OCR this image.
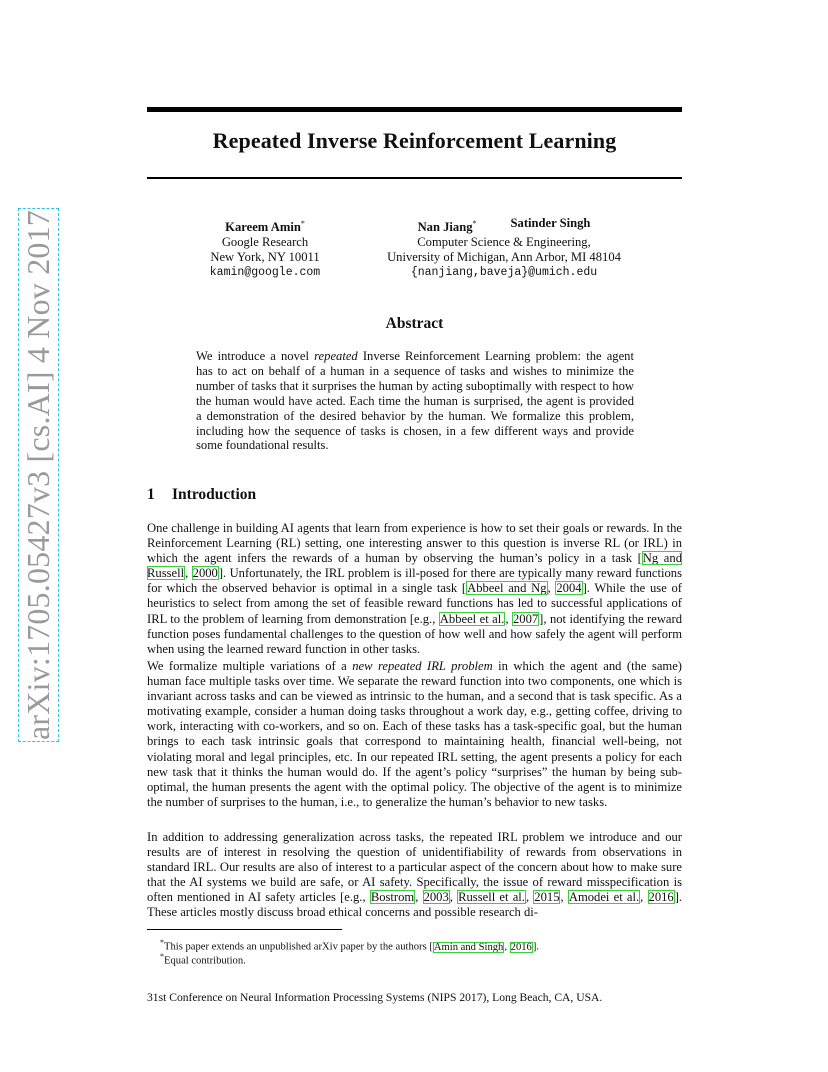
arXiv:1705.05427v3 [cs.AI] 4 Nov 2017
Repeated Inverse Reinforcement Learning
Kareem Amin*
Google Research
New York, NY 10011
kamin@google.com
Nan Jiang*	Satinder Singh
Computer Science & Engineering,
University of Michigan, Ann Arbor, MI 48104
{nanjiang,baveja}@umich.edu
Abstract

We introduce a novel repeated Inverse Reinforcement Learning problem: the agent has to act on behalf of a human in a sequence of tasks and wishes to minimize the number of tasks that it surprises the human by acting suboptimally with respect to how the human would have acted. Each time the human is surprised, the agent is provided a demonstration of the desired behavior by the human. We formalize this problem, including how the sequence of tasks is chosen, in a few different ways and provide some foundational results.

1 Introduction

One challenge in building AI agents that learn from experience is how to set their goals or rewards. In the Reinforcement Learning (RL) setting, one interesting answer to this question is inverse RL (or IRL) in which the agent infers the rewards of a human by observing the human’s policy in a task [Ng and Russell, 2000]. Unfortunately, the IRL problem is ill-posed for there are typically many reward functions for which the observed behavior is optimal in a single task [Abbeel and Ng, 2004]. While the use of heuristics to select from among the set of feasible reward functions has led to successful applications of IRL to the problem of learning from demonstration [e.g., Abbeel et al., 2007], not identifying the reward function poses fundamental challenges to the question of how well and how safely the agent will perform when using the learned reward function in other tasks.

We formalize multiple variations of a new repeated IRL problem in which the agent and (the same) human face multiple tasks over time. We separate the reward function into two components, one which is invariant across tasks and can be viewed as intrinsic to the human, and a second that is task specific. As a motivating example, consider a human doing tasks throughout a work day, e.g., getting coffee, driving to work, interacting with co-workers, and so on. Each of these tasks has a task-specific goal, but the human brings to each task intrinsic goals that correspond to maintaining health, financial well-being, not violating moral and legal principles, etc. In our repeated IRL setting, the agent presents a policy for each new task that it thinks the human would do. If the agent’s policy “surprises” the human by being sub-optimal, the human presents the agent with the optimal policy. The objective of the agent is to minimize the number of surprises to the human, i.e., to generalize the human’s behavior to new tasks.

In addition to addressing generalization across tasks, the repeated IRL problem we introduce and our results are of interest in resolving the question of unidentifiability of rewards from observations in standard IRL. Our results are also of interest to a particular aspect of the concern about how to make sure that the AI systems we build are safe, or AI safety. Specifically, the issue of reward misspecification is often mentioned in AI safety articles [e.g., Bostrom, 2003, Russell et al., 2015, Amodei et al., 2016]. These articles mostly discuss broad ethical concerns and possible research di-

*This paper extends an unpublished arXiv paper by the authors [Amin and Singh, 2016].
*Equal contribution.
31st Conference on Neural Information Processing Systems (NIPS 2017), Long Beach, CA, USA.
